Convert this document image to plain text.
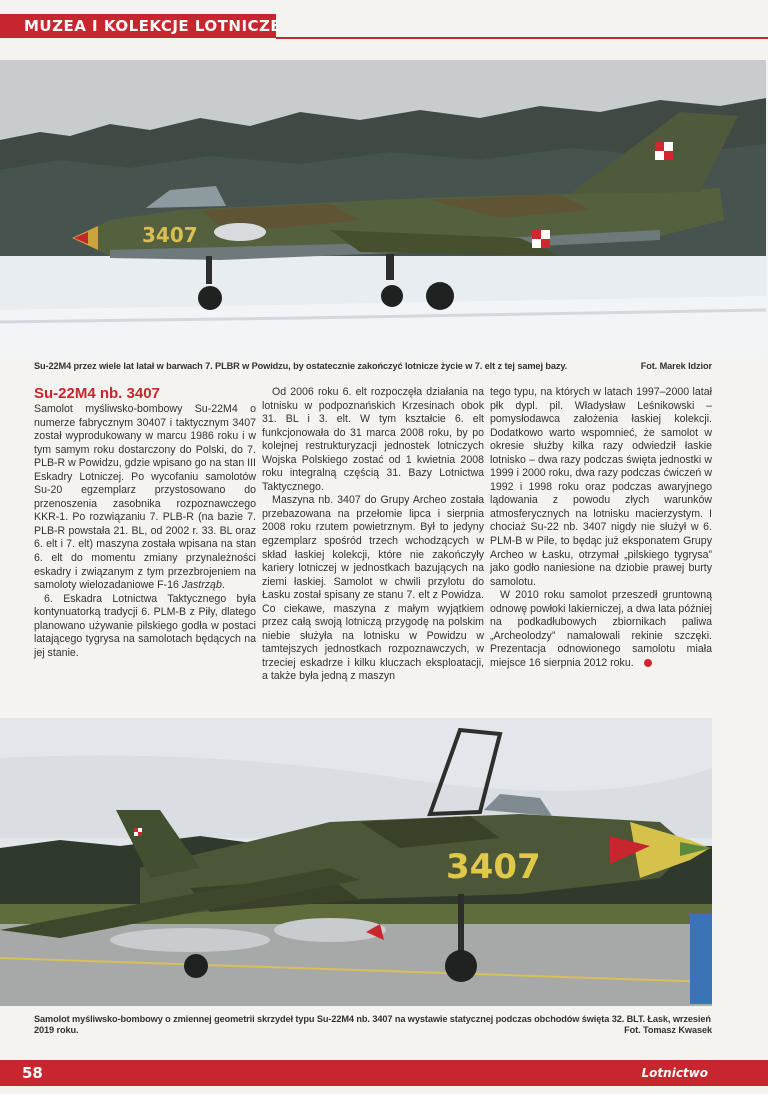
MUZEA I KOLEKCJE LOTNICZE
3407
Su-22M4 przez wiele lat latał w barwach 7. PLBR w Powidzu, by ostatecznie zakończyć lotnicze życie w 7. elt z tej samej bazy.	Fot. Marek Idzior
Su-22M4 nb. 3407

Samolot myśliwsko-bombowy Su-22M4 o numerze fabrycznym 30407 i taktycznym 3407 został wyprodukowany w marcu 1986 roku i w tym samym roku dostarczony do Polski, do 7. PLB-R w Powidzu, gdzie wpisano go na stan III Eskadry Lotniczej. Po wycofaniu samolotów Su-20 egzemplarz przystosowano do przenoszenia zasobnika rozpoznawczego KKR-1. Po rozwiązaniu 7. PLB-R (na bazie 7. PLB-R powstała 21. BL, od 2002 r. 33. BL oraz 6. elt i 7. elt) maszyna została wpisana na stan 6. elt do momentu zmiany przynależności eskadry i związanym z tym przezbrojeniem na samoloty wielozadaniowe F-16 Jastrząb.

6. Eskadra Lotnictwa Taktycznego była kontynuatorką tradycji 6. PLM-B z Piły, dlatego planowano używanie pilskiego godła w postaci latającego tygrysa na samolotach będących na jej stanie.

Od 2006 roku 6. elt rozpoczęła działania na lotnisku w podpoznańskich Krzesinach obok 31. BL i 3. elt. W tym kształcie 6. elt funkcjonowała do 31 marca 2008 roku, by po kolejnej restrukturyzacji jednostek lotniczych Wojska Polskiego zostać od 1 kwietnia 2008 roku integralną częścią 31. Bazy Lotnictwa Taktycznego.

Maszyna nb. 3407 do Grupy Archeo została przebazowana na przełomie lipca i sierpnia 2008 roku rzutem powietrznym. Był to jedyny egzemplarz spośród trzech wchodzących w skład łaskiej kolekcji, które nie zakończyły kariery lotniczej w jednostkach bazujących na ziemi łaskiej. Samolot w chwili przylotu do Łasku został spisany ze stanu 7. elt z Powidza. Co ciekawe, maszyna z małym wyjątkiem przez całą swoją lotniczą przygodę na polskim niebie służyła na lotnisku w Powidzu w tamtejszych jednostkach rozpoznawczych, w trzeciej eskadrze i kilku kluczach eksploatacji, a także była jedną z maszyn

tego typu, na których w latach 1997–2000 latał płk dypl. pil. Władysław Leśnikowski – pomysłodawca założenia łaskiej kolekcji. Dodatkowo warto wspomnieć, że samolot w okresie służby kilka razy odwiedził łaskie lotnisko – dwa razy podczas święta jednostki w 1999 i 2000 roku, dwa razy podczas ćwiczeń w 1992 i 1998 roku oraz podczas awaryjnego lądowania z powodu złych warunków atmosferycznych na lotnisku macierzystym. I chociaż Su-22 nb. 3407 nigdy nie służył w 6. PLM-B w Pile, to będąc już eksponatem Grupy Archeo w Łasku, otrzymał „pilskiego tygrysa” jako godło naniesione na dziobie prawej burty samolotu.

W 2010 roku samolot przeszedł gruntowną odnowę powłoki lakierniczej, a dwa lata później na podkadłubowych zbiornikach paliwa „Archeolodzy” namalowali rekinie szczęki. Prezentacja odnowionego samolotu miała miejsce 16 sierpnia 2012 roku.

3407
Samolot myśliwsko-bombowy o zmiennej geometrii skrzydeł typu Su-22M4 nb. 3407 na wystawie statycznej podczas obchodów święta 32. BLT. Łask, wrzesień 2019 roku.	Fot. Tomasz Kwasek
58	Lotnictwo
